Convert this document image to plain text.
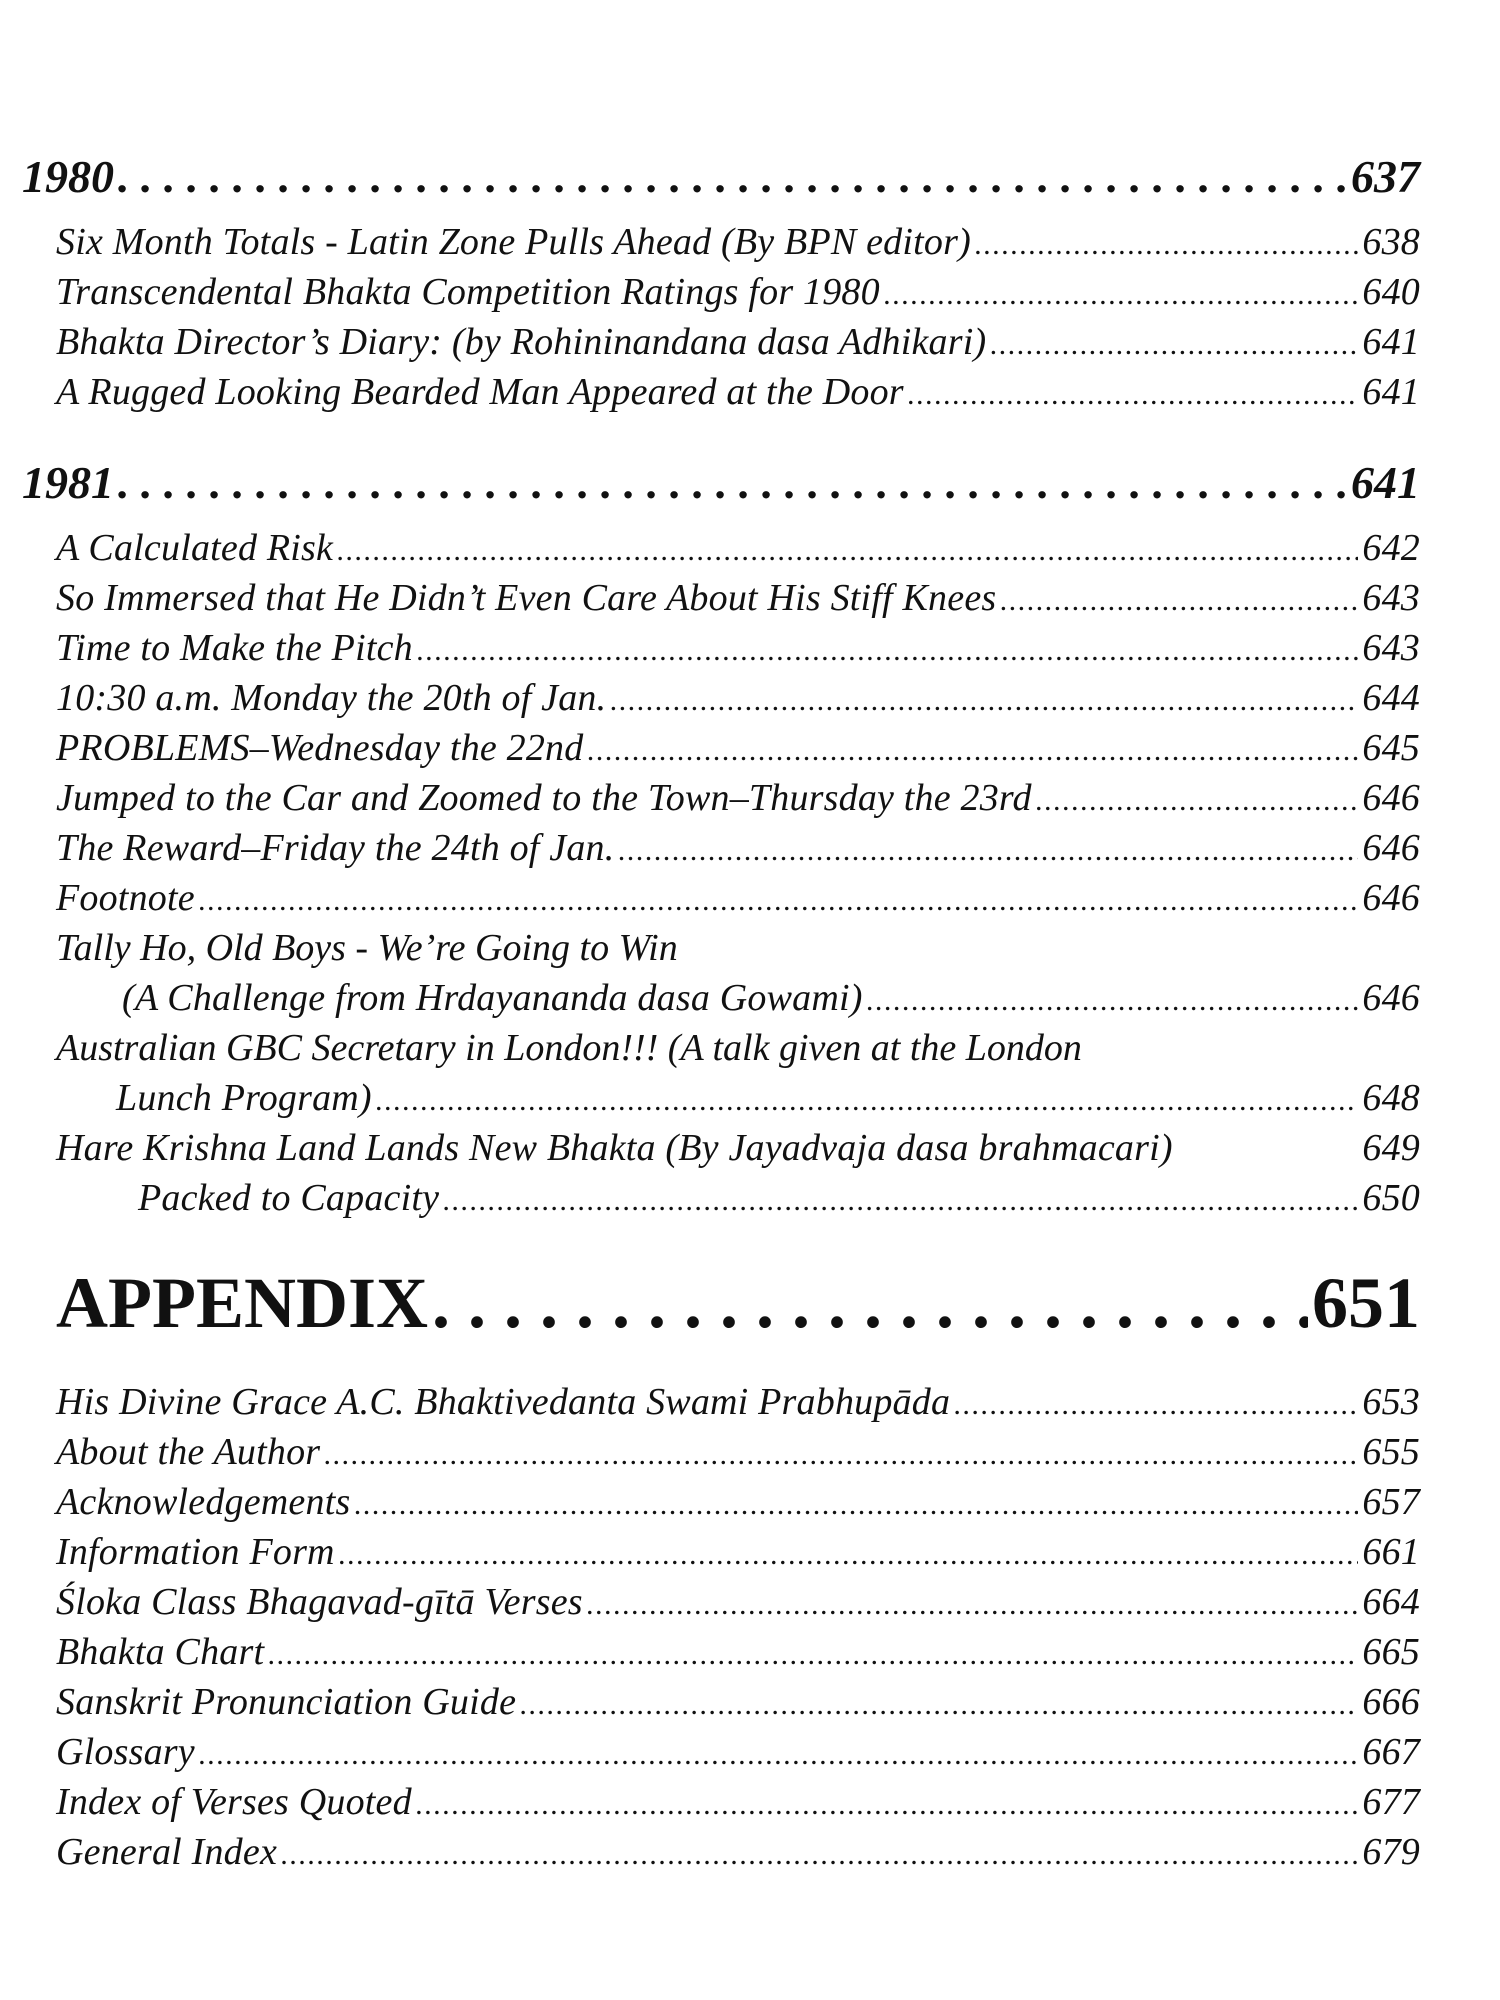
1980 . . .	637
Six Month Totals - Latin Zone Pulls Ahead (By BPN editor) . . .	638
Transcendental Bhakta Competition Ratings for 1980 . . .	640
Bhakta Director’s Diary: (by Rohininandana dasa Adhikari) . . .	641
A Rugged Looking Bearded Man Appeared at the Door . . .	641
1981 . . .	641
A Calculated Risk . . .	642
So Immersed that He Didn’t Even Care About His Stiff Knees . . .	643
Time to Make the Pitch . . .	643
10:30 a.m. Monday the 20th of Jan. . . .	644
PROBLEMS–Wednesday the 22nd . . .	645
Jumped to the Car and Zoomed to the Town–Thursday the 23rd . . .	646
The Reward–Friday the 24th of Jan. . . .	646
Footnote . . .	646
Tally Ho, Old Boys - We’re Going to Win
(A Challenge from Hrdayananda dasa Gowami) . . .	646
Australian GBC Secretary in London!!! (A talk given at the London
Lunch Program) . . .	648
Hare Krishna Land Lands New Bhakta (By Jayadvaja dasa brahmacari)	649
Packed to Capacity . . .	650
APPENDIX . . .	651
His Divine Grace A.C. Bhaktivedanta Swami Prabhupāda . . .	653
About the Author . . .	655
Acknowledgements . . .	657
Information Form . . .	661
Śloka Class Bhagavad-gītā Verses . . .	664
Bhakta Chart . . .	665
Sanskrit Pronunciation Guide . . .	666
Glossary . . .	667
Index of Verses Quoted . . .	677
General Index . . .	679
